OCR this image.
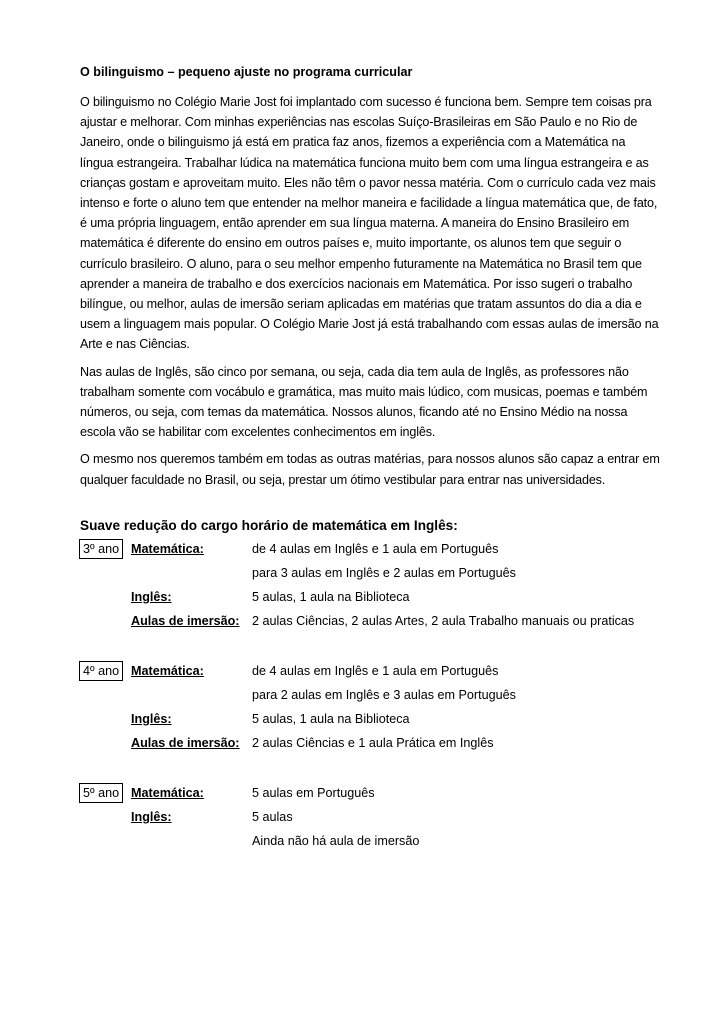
O bilinguismo – pequeno ajuste no programa curricular

O bilinguismo no Colégio Marie Jost foi implantado com sucesso é funciona bem. Sempre tem coisas pra ajustar e melhorar. Com minhas experiências nas escolas Suíço-Brasileiras em São Paulo e no Rio de Janeiro, onde o bilinguismo já está em pratica faz anos, fizemos a experiência com a Matemática na língua estrangeira. Trabalhar lúdica na matemática funciona muito bem com uma língua estrangeira e as crianças gostam e aproveitam muito. Eles não têm o pavor nessa matéria. Com o currículo cada vez mais intenso e forte o aluno tem que entender na melhor maneira e facilidade a língua matemática que, de fato, é uma própria linguagem, então aprender em sua língua materna. A maneira do Ensino Brasileiro em matemática é diferente do ensino em outros países e, muito importante, os alunos tem que seguir o currículo brasileiro. O aluno, para o seu melhor empenho futuramente na Matemática no Brasil tem que aprender a maneira de trabalho e dos exercícios nacionais em Matemática. Por isso sugeri o trabalho bilíngue, ou melhor, aulas de imersão seriam aplicadas em matérias que tratam assuntos do dia a dia e usem a linguagem mais popular. O Colégio Marie Jost já está trabalhando com essas aulas de imersão na Arte e nas Ciências.

Nas aulas de Inglês, são cinco por semana, ou seja, cada dia tem aula de Inglês, as professores não trabalham somente com vocábulo e gramática, mas muito mais lúdico, com musicas, poemas e também números, ou seja, com temas da matemática. Nossos alunos, ficando até no Ensino Médio na nossa escola vão se habilitar com excelentes conhecimentos em inglês.

O mesmo nos queremos também em todas as outras matérias, para nossos alunos são capaz a entrar em qualquer faculdade no Brasil, ou seja, prestar um ótimo vestibular para entrar nas universidades.

Suave redução do cargo horário de matemática em Inglês:
3º ano Matemática:	de 4 aulas em Inglês e 1 aula em Português
para 3 aulas em Inglês e 2 aulas em Português
Inglês:	5 aulas, 1 aula na Biblioteca
Aulas de imersão: 2 aulas Ciências, 2 aulas Artes, 2 aula Trabalho manuais ou praticas
4º ano Matemática:	de 4 aulas em Inglês e 1 aula em Português
para 2 aulas em Inglês e 3 aulas em Português
Inglês:	5 aulas, 1 aula na Biblioteca
Aulas de imersão: 2 aulas Ciências e 1 aula Prática em Inglês
5º ano Matemática:	5 aulas em Português
Inglês:	5 aulas
Ainda não há aula de imersão
